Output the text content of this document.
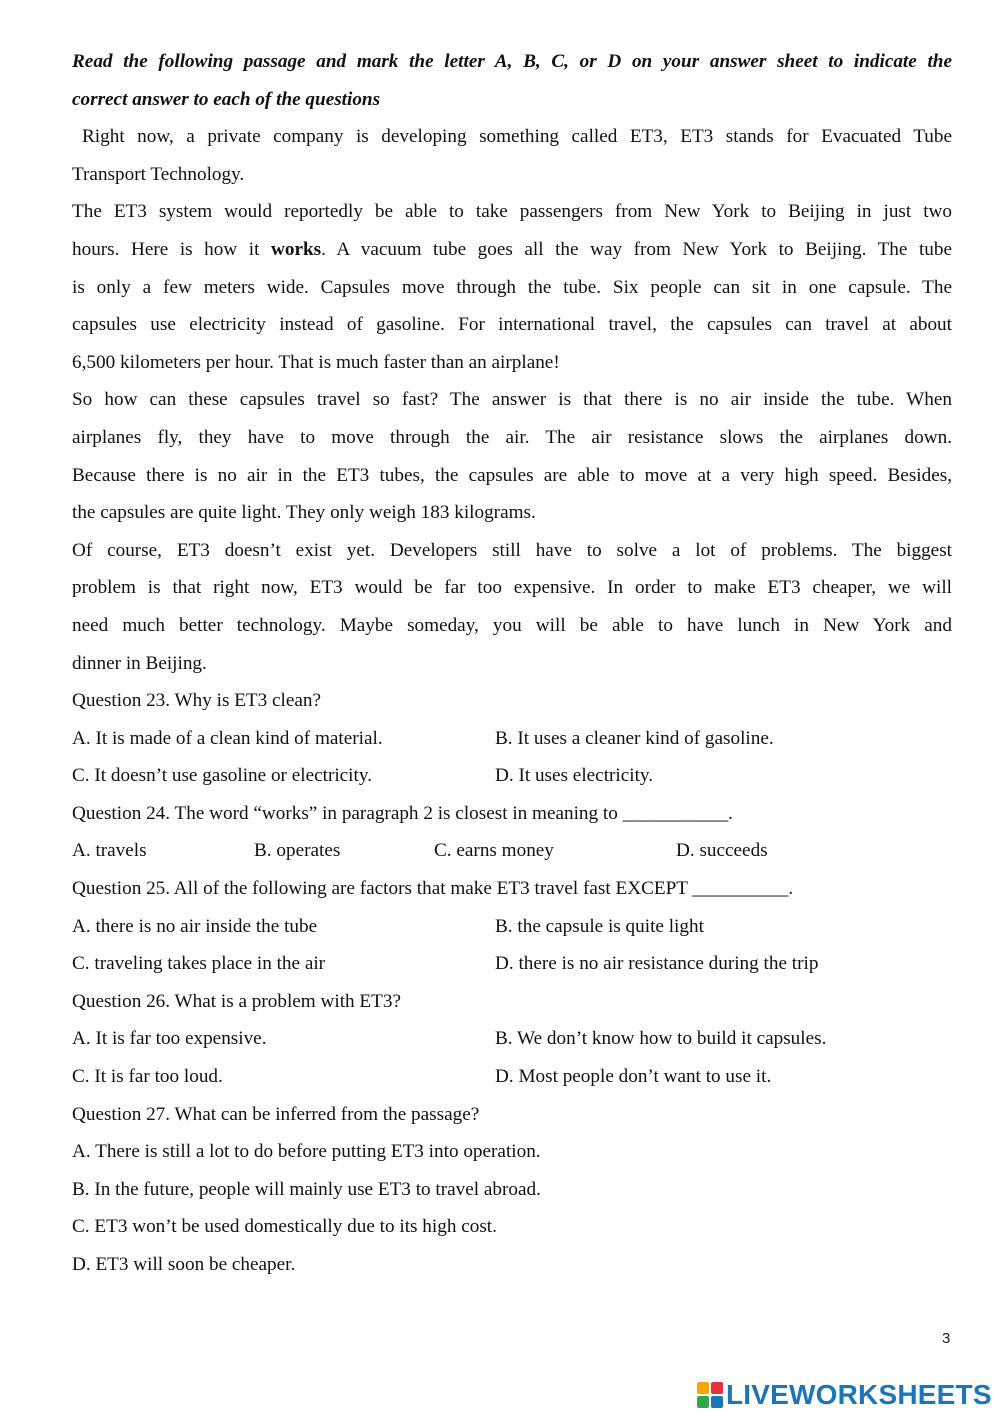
Read the following passage and mark the letter A, B, C, or D on your answer sheet to indicate the
correct answer to each of the questions
Right now, a private company is developing something called ET3, ET3 stands for Evacuated Tube
Transport Technology.
The ET3 system would reportedly be able to take passengers from New York to Beijing in just two
hours. Here is how it works. A vacuum tube goes all the way from New York to Beijing. The tube
is only a few meters wide. Capsules move through the tube. Six people can sit in one capsule. The
capsules use electricity instead of gasoline. For international travel, the capsules can travel at about
6,500 kilometers per hour. That is much faster than an airplane!
So how can these capsules travel so fast? The answer is that there is no air inside the tube. When
airplanes fly, they have to move through the air. The air resistance slows the airplanes down.
Because there is no air in the ET3 tubes, the capsules are able to move at a very high speed. Besides,
the capsules are quite light. They only weigh 183 kilograms.
Of course, ET3 doesn’t exist yet. Developers still have to solve a lot of problems. The biggest
problem is that right now, ET3 would be far too expensive. In order to make ET3 cheaper, we will
need much better technology. Maybe someday, you will be able to have lunch in New York and
dinner in Beijing.
Question 23. Why is ET3 clean?
A. It is made of a clean kind of material.	B. It uses a cleaner kind of gasoline.
C. It doesn’t use gasoline or electricity.	D. It uses electricity.
Question 24. The word “works” in paragraph 2 is closest in meaning to ___________.
A. travels	B. operates	C. earns money	D. succeeds
Question 25. All of the following are factors that make ET3 travel fast EXCEPT __________.
A. there is no air inside the tube	B. the capsule is quite light
C. traveling takes place in the air	D. there is no air resistance during the trip
Question 26. What is a problem with ET3?
A. It is far too expensive.	B. We don’t know how to build it capsules.
C. It is far too loud.	D. Most people don’t want to use it.
Question 27. What can be inferred from the passage?
A. There is still a lot to do before putting ET3 into operation.
B. In the future, people will mainly use ET3 to travel abroad.
C. ET3 won’t be used domestically due to its high cost.
D. ET3 will soon be cheaper.
3
LIVEWORKSHEETS
